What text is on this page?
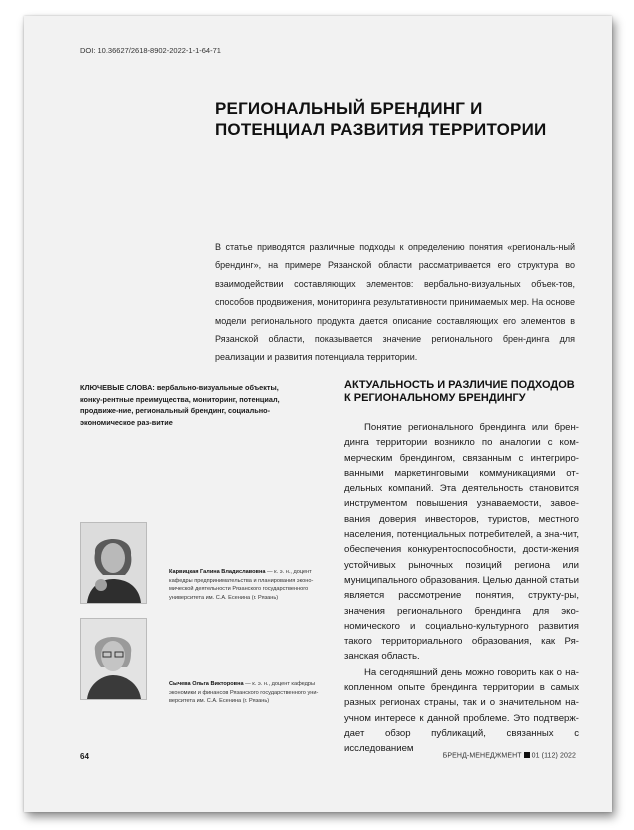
DOI: 10.36627/2618-8902-2022-1-1-64-71
РЕГИОНАЛЬНЫЙ БРЕНДИНГ И ПОТЕНЦИАЛ РАЗВИТИЯ ТЕРРИТОРИИ
В статье приводятся различные подходы к определению понятия «региональ-ный брендинг», на примере Рязанской области рассматривается его структура во взаимодействии составляющих элементов: вербально-визуальных объек-тов, способов продвижения, мониторинга результативности принимаемых мер. На основе модели регионального продукта дается описание составляющих его элементов в Рязанской области, показывается значение регионального брен-динга для реализации и развития потенциала территории.
КЛЮЧЕВЫЕ СЛОВА: вербально-визуальные объекты, конку-рентные преимущества, мониторинг, потенциал, продвиже-ние, региональный брендинг, социально-экономическое раз-витие
АКТУАЛЬНОСТЬ И РАЗЛИЧИЕ ПОДХОДОВ К РЕГИОНАЛЬНОМУ БРЕНДИНГУ

Понятие регионального брендинга или брен-динга территории возникло по аналогии с ком-мерческим брендингом, связанным с интегриро-ванными маркетинговыми коммуникациями от-дельных компаний. Эта деятельность становится инструментом повышения узнаваемости, завое-вания доверия инвесторов, туристов, местного населения, потенциальных потребителей, а зна-чит, обеспечения конкурентоспособности, дости-жения устойчивых рыночных позиций региона или муниципального образования. Целью данной статьи является рассмотрение понятия, структу-ры, значения регионального брендинга для эко-номического и социально-культурного развития такого территориального образования, как Ря-занская область.

На сегодняшний день можно говорить как о на-копленном опыте брендинга территории в самых разных регионах страны, так и о значительном на-учном интересе к данной проблеме. Это подтверж-дает обзор публикаций, связанных с исследованием

Карвицкая Галина Владиславовна — к. э. н., доцент кафедры предпринимательства и планирования эконо-мической деятельности Рязанского государственного университета им. С.А. Есенина (г. Рязань)
Сычева Ольга Викторовна — к. э. н., доцент кафедры экономики и финансов Рязанского государственного уни-верситета им. С.А. Есенина (г. Рязань)
64	БРЕНД-МЕНЕДЖМЕНТ 01 (112) 2022
